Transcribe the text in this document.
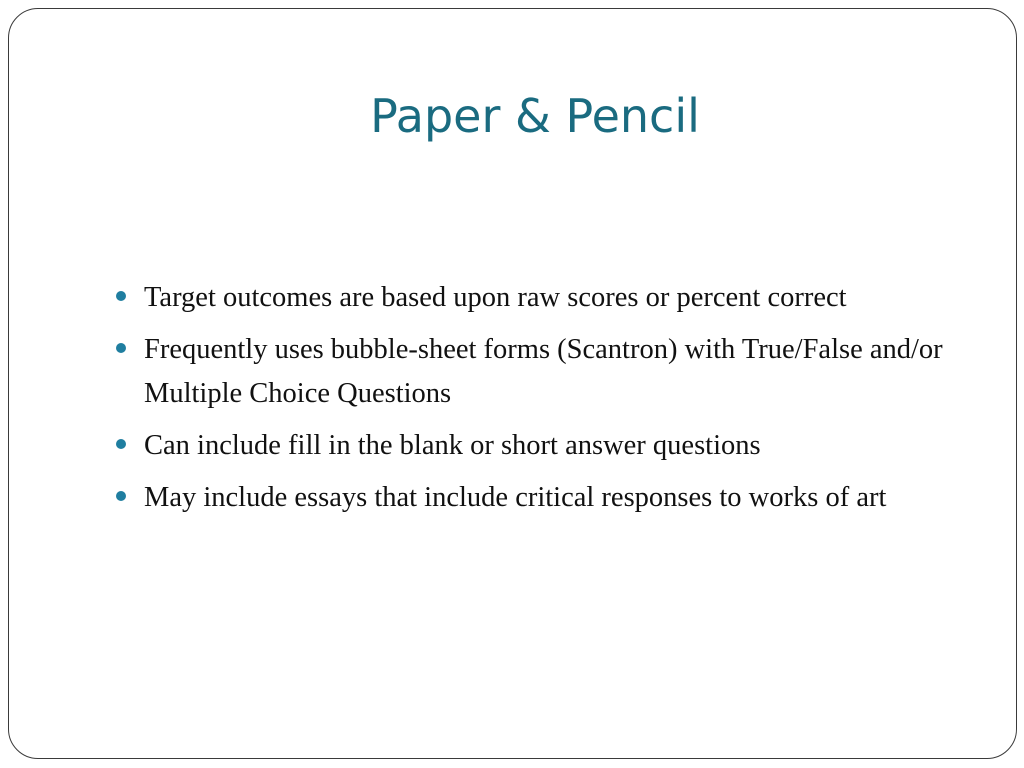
Paper & Pencil
Target outcomes are based upon raw scores or percent correct
Frequently uses bubble-sheet forms (Scantron) with True/False and/or Multiple Choice Questions
Can include fill in the blank or short answer questions
May include essays that include critical responses to works of art
